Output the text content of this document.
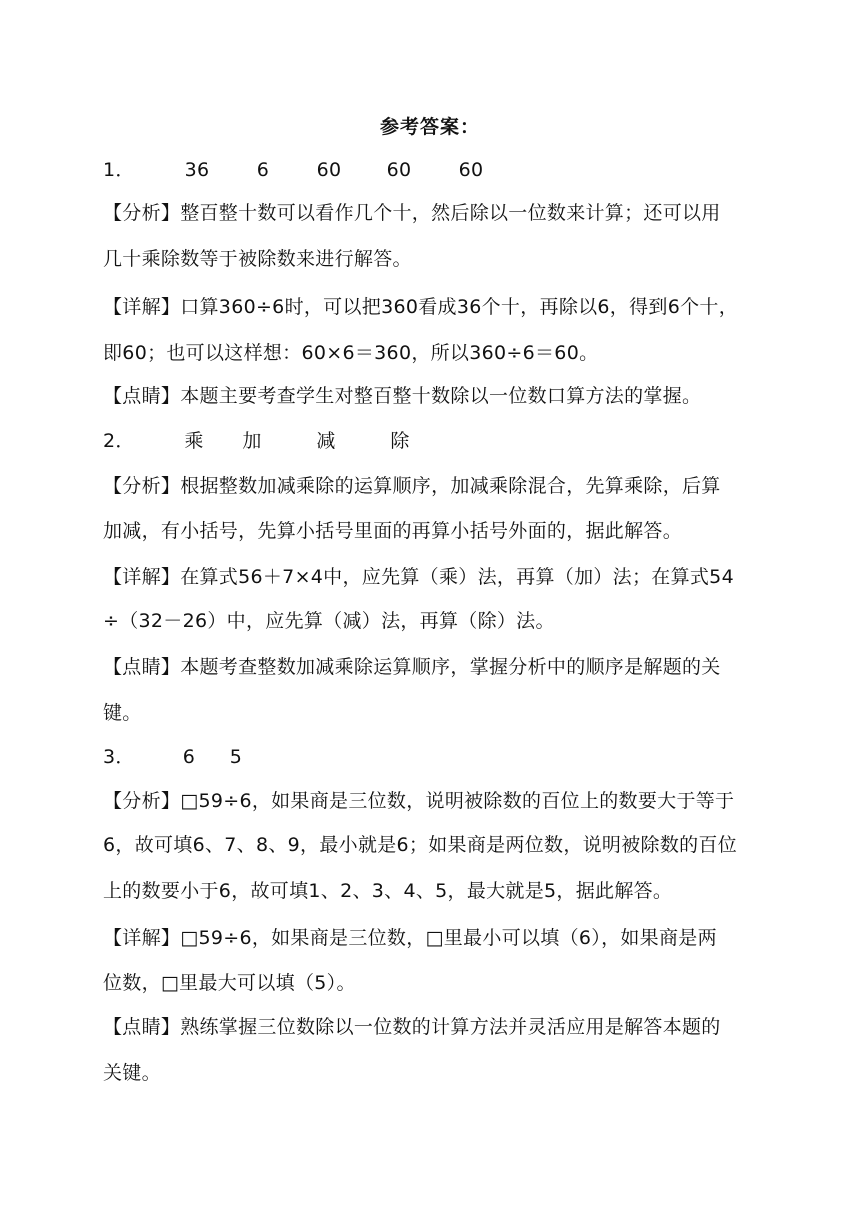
参考答案：
1．	36 6 60 60 60
【分析】整百整十数可以看作几个十，然后除以一位数来计算；还可以用
几十乘除数等于被除数来进行解答。
【详解】口算360÷6时，可以把360看成36个十，再除以6，得到6个十，
即60；也可以这样想：60×6＝360，所以360÷6＝60。
【点睛】本题主要考查学生对整百整十数除以一位数口算方法的掌握。
2．	乘 加	减	除
【分析】根据整数加减乘除的运算顺序，加减乘除混合，先算乘除，后算
加减，有小括号，先算小括号里面的再算小括号外面的，据此解答。
【详解】在算式56＋7×4中，应先算（乘）法，再算（加）法；在算式54
÷（32－26）中，应先算（减）法，再算（除）法。
【点睛】本题考查整数加减乘除运算顺序，掌握分析中的顺序是解题的关
键。
3．	6 5
【分析】□59÷6，如果商是三位数，说明被除数的百位上的数要大于等于
6，故可填6、7、8、9，最小就是6；如果商是两位数，说明被除数的百位
上的数要小于6，故可填1、2、3、4、5，最大就是5，据此解答。
【详解】□59÷6，如果商是三位数，□里最小可以填（6），如果商是两
位数，□里最大可以填（5）。
【点睛】熟练掌握三位数除以一位数的计算方法并灵活应用是解答本题的
关键。
